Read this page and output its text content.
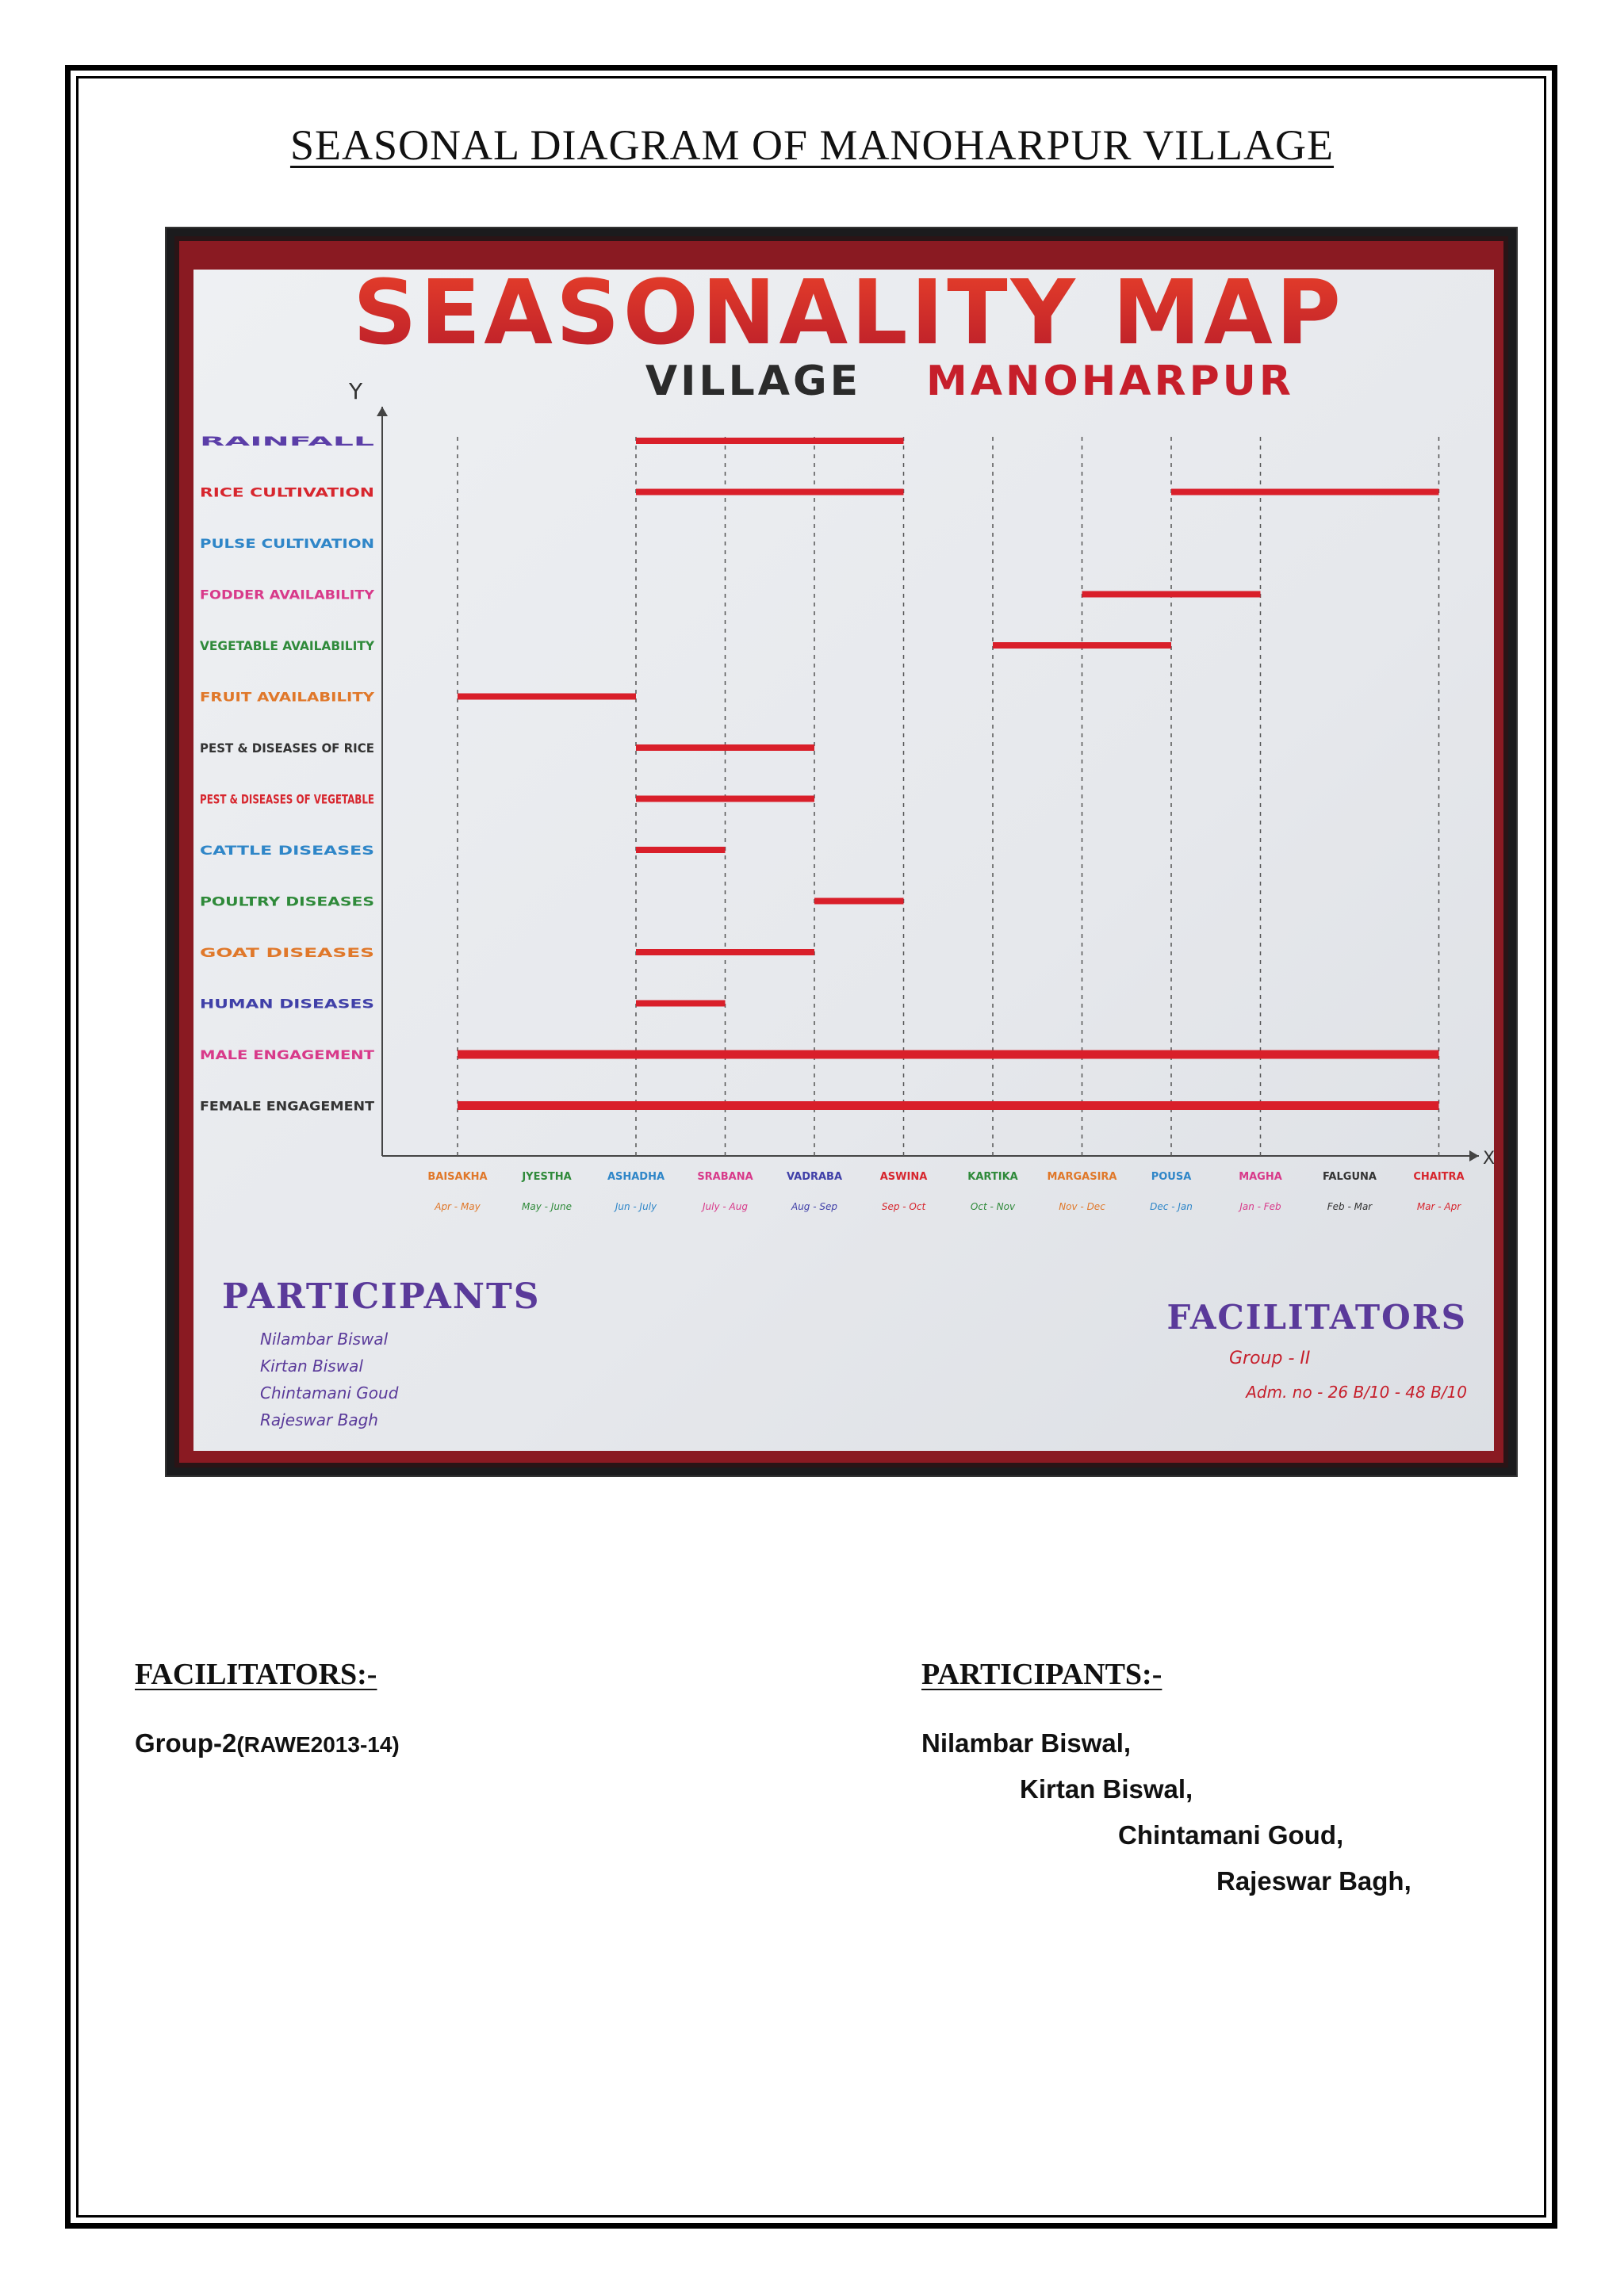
SEASONAL DIAGRAM OF MANOHARPUR VILLAGE
SEASONALITY MAP
VILLAGE MANOHARPUR
Y
X
RAINFALL
RICE CULTIVATION
PULSE CULTIVATION
FODDER AVAILABILITY
VEGETABLE AVAILABILITY
FRUIT AVAILABILITY
PEST & DISEASES OF RICE
PEST & DISEASES OF VEGETABLE
CATTLE DISEASES
POULTRY DISEASES
GOAT DISEASES
HUMAN DISEASES
MALE ENGAGEMENT
FEMALE ENGAGEMENT
BAISAKHA
Apr - May
JYESTHA
May - June
ASHADHA
Jun - July
SRABANA
July - Aug
VADRABA
Aug - Sep
ASWINA
Sep - Oct
KARTIKA
Oct - Nov
MARGASIRA
Nov - Dec
POUSA
Dec - Jan
MAGHA
Jan - Feb
FALGUNA
Feb - Mar
CHAITRA
Mar - Apr
PARTICIPANTS
Nilambar Biswal
Kirtan Biswal
Chintamani Goud
Rajeswar Bagh
FACILITATORS
Group - II
Adm. no - 26 B/10 - 48 B/10
FACILITATORS:-
Group-2(RAWE2013-14)
PARTICIPANTS:-
Nilambar Biswal,
Kirtan Biswal,
Chintamani Goud,
Rajeswar Bagh,
